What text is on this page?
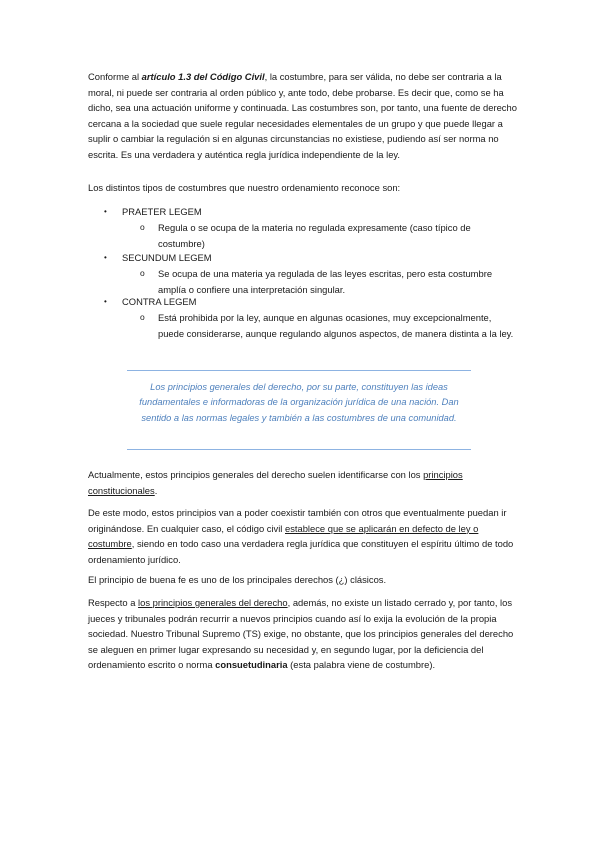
Conforme al artículo 1.3 del Código Civil, la costumbre, para ser válida, no debe ser contraria a la moral, ni puede ser contraria al orden público y, ante todo, debe probarse. Es decir que, como se ha dicho, sea una actuación uniforme y continuada. Las costumbres son, por tanto, una fuente de derecho cercana a la sociedad que suele regular necesidades elementales de un grupo y que puede llegar a suplir o cambiar la regulación si en algunas circunstancias no existiese, pudiendo así ser norma no escrita. Es una verdadera y auténtica regla jurídica independiente de la ley.

Los distintos tipos de costumbres que nuestro ordenamiento reconoce son:

• PRAETER LEGEM
o Regula o se ocupa de la materia no regulada expresamente (caso típico de costumbre)
• SECUNDUM LEGEM
o Se ocupa de una materia ya regulada de las leyes escritas, pero esta costumbre amplía o confiere una interpretación singular.
• CONTRA LEGEM
o Está prohibida por la ley, aunque en algunas ocasiones, muy excepcionalmente, puede considerarse, aunque regulando algunos aspectos, de manera distinta a la ley.

Los principios generales del derecho, por su parte, constituyen las ideas fundamentales e informadoras de la organización jurídica de una nación. Dan sentido a las normas legales y también a las costumbres de una comunidad.

Actualmente, estos principios generales del derecho suelen identificarse con los principios constitucionales.

De este modo, estos principios van a poder coexistir también con otros que eventualmente puedan ir originándose. En cualquier caso, el código civil establece que se aplicarán en defecto de ley o costumbre, siendo en todo caso una verdadera regla jurídica que constituyen el espíritu último de todo ordenamiento jurídico.

El principio de buena fe es uno de los principales derechos (¿) clásicos.

Respecto a los principios generales del derecho, además, no existe un listado cerrado y, por tanto, los jueces y tribunales podrán recurrir a nuevos principios cuando así lo exija la evolución de la propia sociedad. Nuestro Tribunal Supremo (TS) exige, no obstante, que los principios generales del derecho se aleguen en primer lugar expresando su necesidad y, en segundo lugar, por la deficiencia del ordenamiento escrito o norma consuetudinaria (esta palabra viene de costumbre).
